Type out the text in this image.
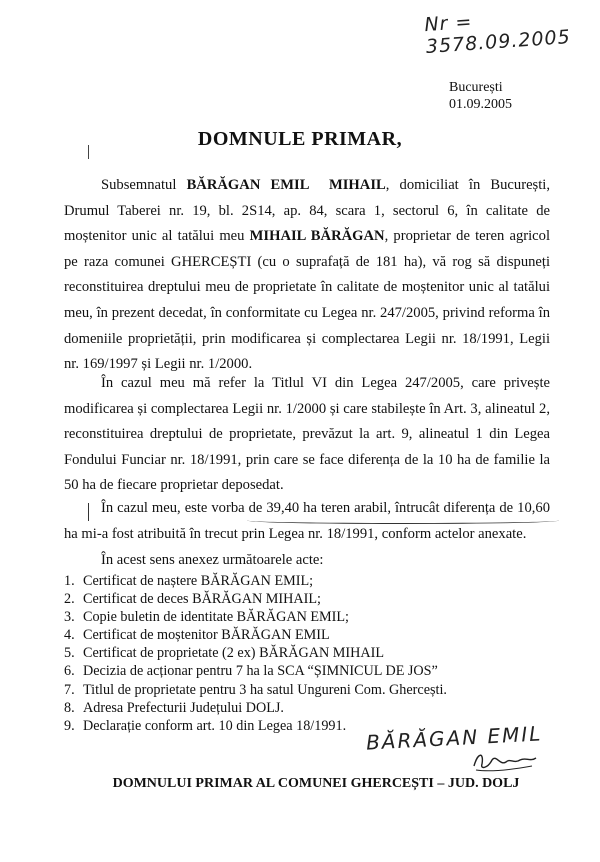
Nr = 3578.09.2005
București
01.09.2005
DOMNULE PRIMAR,
Subsemnatul BĂRĂGAN EMIL  MIHAIL, domiciliat în București, Drumul Taberei nr. 19, bl. 2S14, ap. 84, scara 1, sectorul 6, în calitate de moștenitor unic al tatălui meu MIHAIL BĂRĂGAN, proprietar de teren agricol pe raza comunei GHERCEȘTI (cu o suprafață de 181 ha), vă rog să dispuneți reconstituirea dreptului meu de proprietate în calitate de moștenitor unic al tatălui meu, în prezent decedat, în conformitate cu Legea nr. 247/2005, privind reforma în domeniile proprietății, prin modificarea și complectarea Legii nr. 18/1991, Legii nr. 169/1997 și Legii nr. 1/2000.
În cazul meu mă refer la Titlul VI din Legea 247/2005, care privește modificarea și complectarea Legii nr. 1/2000 și care stabilește în Art. 3, alineatul 2, reconstituirea dreptului de proprietate, prevăzut la art. 9, alineatul 1 din Legea Fondului Funciar nr. 18/1991, prin care se face diferența de la 10 ha de familie la 50 ha de fiecare proprietar deposedat.
În cazul meu, este vorba de 39,40 ha teren arabil, întrucât diferența de 10,60 ha mi-a fost atribuită în trecut prin Legea nr. 18/1991, conform actelor anexate.
În acest sens anexez următoarele acte:
1. Certificat de naștere BĂRĂGAN EMIL;
2. Certificat de deces BĂRĂGAN MIHAIL;
3. Copie buletin de identitate BĂRĂGAN EMIL;
4. Certificat de moștenitor BĂRĂGAN EMIL
5. Certificat de proprietate (2 ex) BĂRĂGAN MIHAIL
6. Decizia de acționar pentru 7 ha la SCA “ȘIMNICUL DE JOS”
7. Titlul de proprietate pentru 3 ha satul Ungureni Com. Ghercești.
8. Adresa Prefecturii Județului DOLJ.
9. Declarație conform art. 10 din Legea 18/1991. BĂRĂGAN EMIL
DOMNULUI PRIMAR AL COMUNEI GHERCEȘTI – JUD. DOLJ
